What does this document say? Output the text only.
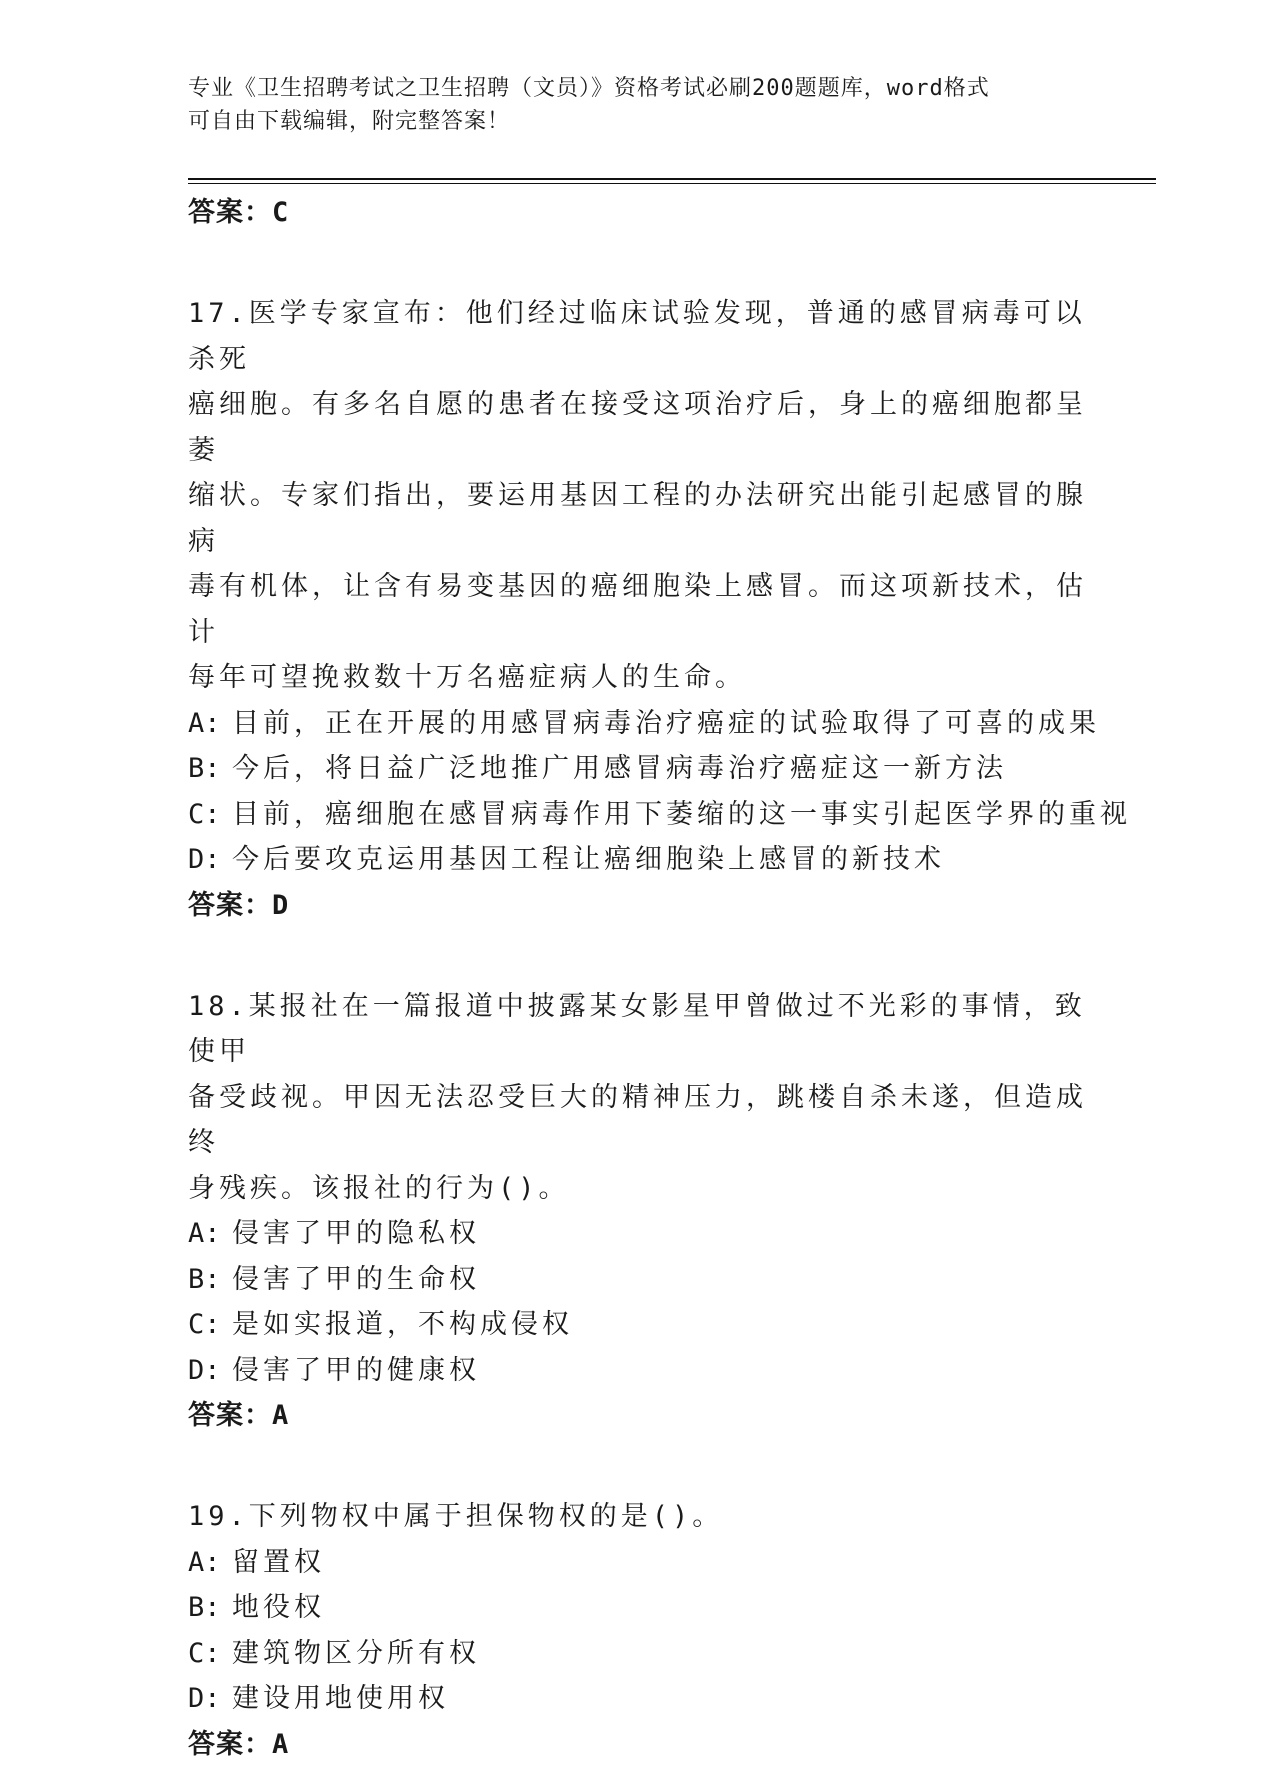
专业《卫生招聘考试之卫生招聘（文员）》资格考试必刷200题题库，word格式
可自由下载编辑，附完整答案！
答案：C
17.医学专家宣布：他们经过临床试验发现，普通的感冒病毒可以杀死
癌细胞。有多名自愿的患者在接受这项治疗后，身上的癌细胞都呈萎
缩状。专家们指出，要运用基因工程的办法研究出能引起感冒的腺病
毒有机体，让含有易变基因的癌细胞染上感冒。而这项新技术，估计
每年可望挽救数十万名癌症病人的生命。
A: 目前，正在开展的用感冒病毒治疗癌症的试验取得了可喜的成果
B: 今后，将日益广泛地推广用感冒病毒治疗癌症这一新方法
C: 目前，癌细胞在感冒病毒作用下萎缩的这一事实引起医学界的重视
D: 今后要攻克运用基因工程让癌细胞染上感冒的新技术
答案：D
18.某报社在一篇报道中披露某女影星甲曾做过不光彩的事情，致使甲
备受歧视。甲因无法忍受巨大的精神压力，跳楼自杀未遂，但造成终
身残疾。该报社的行为()。
A: 侵害了甲的隐私权
B: 侵害了甲的生命权
C: 是如实报道，不构成侵权
D: 侵害了甲的健康权
答案：A
19.下列物权中属于担保物权的是()。
A: 留置权
B: 地役权
C: 建筑物区分所有权
D: 建设用地使用权
答案：A
